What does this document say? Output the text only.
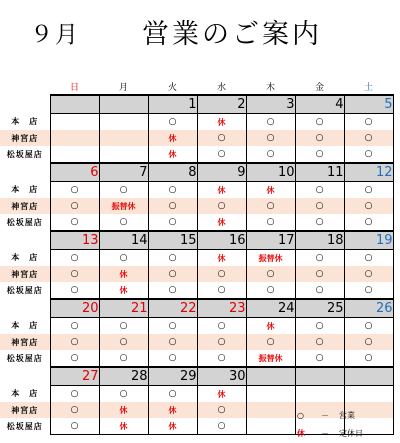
９月 営業のご案内
	日	月	火	水	木	金	土
			1	2	3	4	5
本　店			○	休	○	○	○
神宮店			休	○	○	○	○
松坂屋店			休	○	○	○	○
	6	7	8	9	10	11	12
本　店	○	○	○	休	休	○	○
神宮店	○	振替休	○	○	○	○	○
松坂屋店	○	○	○	休	○	○	○
	13	14	15	16	17	18	19
本　店	○	○	○	休	振替休	○	○
神宮店	○	休	○	○	○	○	○
松坂屋店	○	休	○	○	○	○	○
	20	21	22	23	24	25	26
本　店	○	○	○	○	休	○	○
神宮店	○	○	○	○	○	○	○
松坂屋店	○	○	○	○	振替休	○	○
	27	28	29	30			
本　店	○	○	○	休			
神宮店	○	休	休	○			
松坂屋店	○	休	休	○			
○	－	営業
休	－	定休日
